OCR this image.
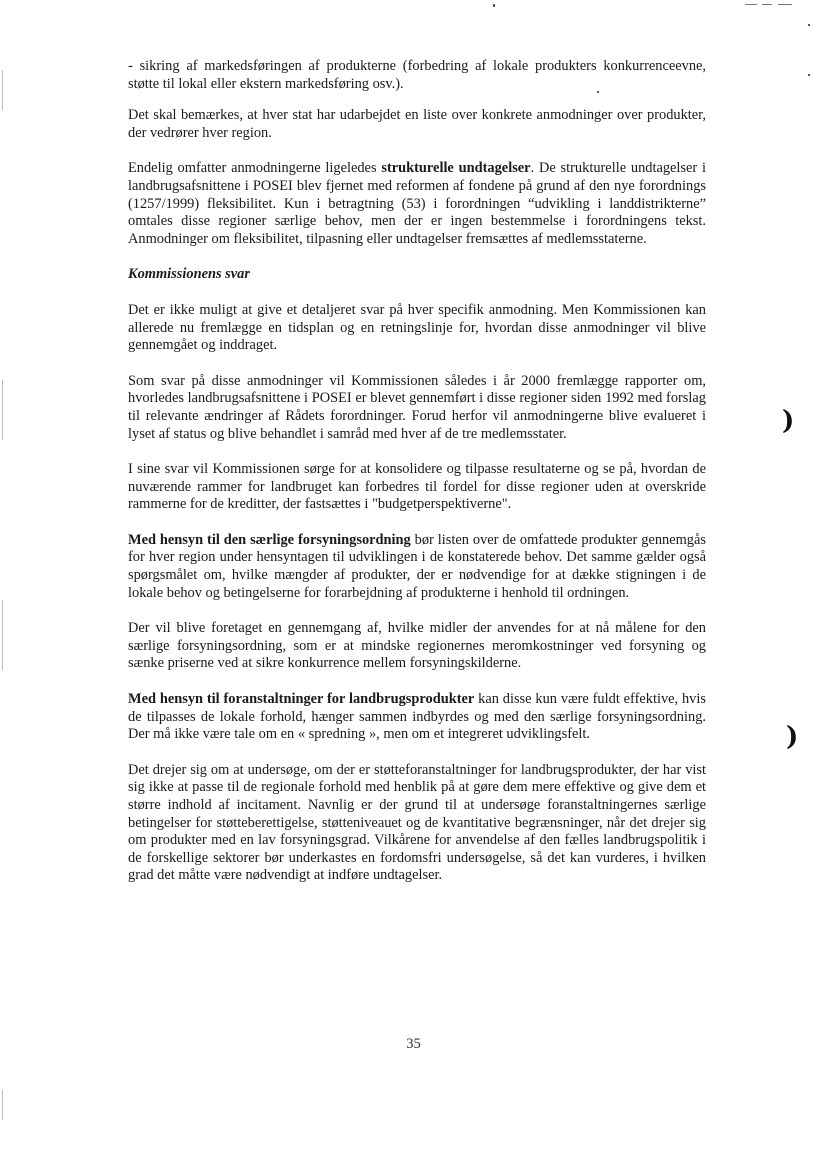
)
)

- sikring af markedsføringen af produkterne (forbedring af lokale produkters konkurrenceevne, støtte til lokal eller ekstern markedsføring osv.).

Det skal bemærkes, at hver stat har udarbejdet en liste over konkrete anmodninger over produkter, der vedrører hver region.

Endelig omfatter anmodningerne ligeledes strukturelle undtagelser. De strukturelle undtagelser i landbrugsafsnittene i POSEI blev fjernet med reformen af fondene på grund af den nye forordnings (1257/1999) fleksibilitet. Kun i betragtning (53) i forordningen “udvikling i landdistrikterne” omtales disse regioner særlige behov, men der er ingen bestemmelse i forordningens tekst. Anmodninger om fleksibilitet, tilpasning eller undtagelser fremsættes af medlemsstaterne.

Kommissionens svar

Det er ikke muligt at give et detaljeret svar på hver specifik anmodning. Men Kommissionen kan allerede nu fremlægge en tidsplan og en retningslinje for, hvordan disse anmodninger vil blive gennemgået og inddraget.

Som svar på disse anmodninger vil Kommissionen således i år 2000 fremlægge rapporter om, hvorledes landbrugsafsnittene i POSEI er blevet gennemført i disse regioner siden 1992 med forslag til relevante ændringer af Rådets forordninger. Forud herfor vil anmodningerne blive evalueret i lyset af status og blive behandlet i samråd med hver af de tre medlemsstater.

I sine svar vil Kommissionen sørge for at konsolidere og tilpasse resultaterne og se på, hvordan de nuværende rammer for landbruget kan forbedres til fordel for disse regioner uden at overskride rammerne for de kreditter, der fastsættes i "budgetperspektiverne".

Med hensyn til den særlige forsyningsordning bør listen over de omfattede produkter gennemgås for hver region under hensyntagen til udviklingen i de konstaterede behov. Det samme gælder også spørgsmålet om, hvilke mængder af produkter, der er nødvendige for at dække stigningen i de lokale behov og betingelserne for forarbejdning af produkterne i henhold til ordningen.

Der vil blive foretaget en gennemgang af, hvilke midler der anvendes for at nå målene for den særlige forsyningsordning, som er at mindske regionernes meromkostninger ved forsyning og sænke priserne ved at sikre konkurrence mellem forsyningskilderne.

Med hensyn til foranstaltninger for landbrugsprodukter kan disse kun være fuldt effektive, hvis de tilpasses de lokale forhold, hænger sammen indbyrdes og med den særlige forsyningsordning. Der må ikke være tale om en « spredning », men om et integreret udviklingsfelt.

Det drejer sig om at undersøge, om der er støtteforanstaltninger for landbrugsprodukter, der har vist sig ikke at passe til de regionale forhold med henblik på at gøre dem mere effektive og give dem et større indhold af incitament. Navnlig er der grund til at undersøge foranstaltningernes særlige betingelser for støtteberettigelse, støtteniveauet og de kvantitative begrænsninger, når det drejer sig om produkter med en lav forsyningsgrad. Vilkårene for anvendelse af den fælles landbrugspolitik i de forskellige sektorer bør underkastes en fordomsfri undersøgelse, så det kan vurderes, i hvilken grad det måtte være nødvendigt at indføre undtagelser.

35
